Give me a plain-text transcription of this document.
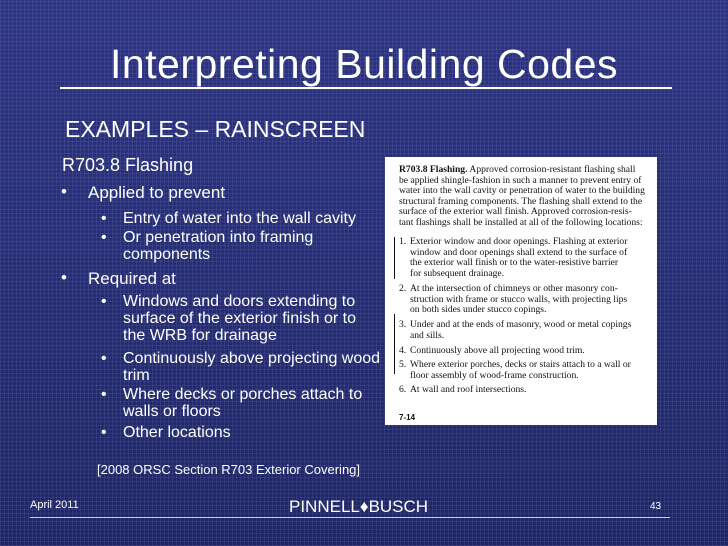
Interpreting Building Codes
EXAMPLES – RAINSCREEN
R703.8 Flashing
• Applied to prevent
• Entry of water into the wall cavity
• Or penetration into framing
components
• Required at
• Windows and doors extending to
surface of the exterior finish or to
the WRB for drainage
• Continuously above projecting wood
trim
• Where decks or porches attach to
walls or floors
• Other locations
R703.8 Flashing. Approved corrosion-resistant flashing shall
be applied shingle-fashion in such a manner to prevent entry of
water into the wall cavity or penetration of water to the building
structural framing components. The flashing shall extend to the
surface of the exterior wall finish. Approved corrosion-resis-
tant flashings shall be installed at all of the following locations:
1. Exterior window and door openings. Flashing at exterior
window and door openings shall extend to the surface of
the exterior wall finish or to the water-resistive barrier
for subsequent drainage.
2. At the intersection of chimneys or other masonry con-
struction with frame or stucco walls, with projecting lips
on both sides under stucco copings.
3. Under and at the ends of masonry, wood or metal copings
and sills.
4. Continuously above all projecting wood trim.
5. Where exterior porches, decks or stairs attach to a wall or
floor assembly of wood-frame construction.
6. At wall and roof intersections.
7-14
[2008 ORSC Section R703 Exterior Covering]
April 2011	PINNELL♦BUSCH	43
